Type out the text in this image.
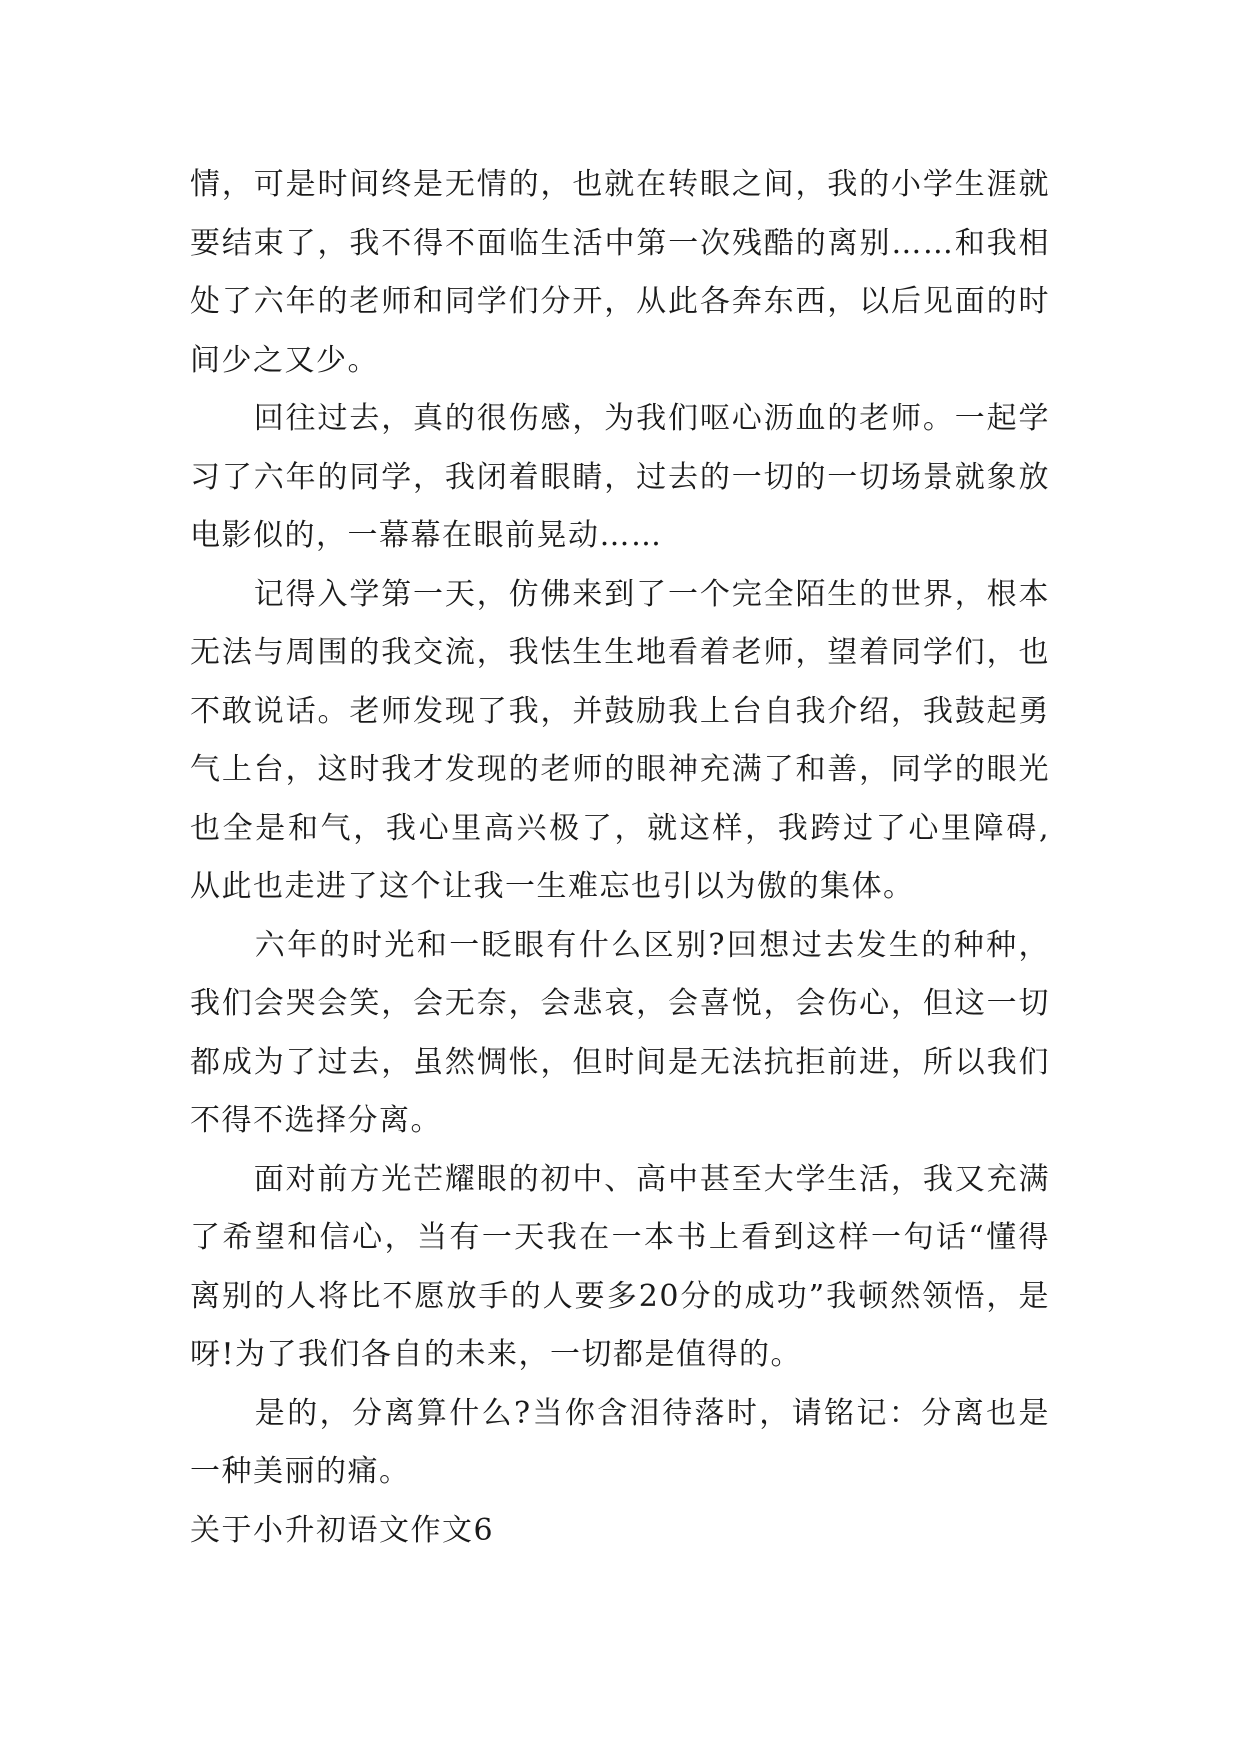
情，可是时间终是无情的，也就在转眼之间，我的小学生涯就要结束了，我不得不面临生活中第一次残酷的离别……和我相处了六年的老师和同学们分开，从此各奔东西，以后见面的时间少之又少。

　　回往过去，真的很伤感，为我们呕心沥血的老师。一起学习了六年的同学，我闭着眼睛，过去的一切的一切场景就象放电影似的，一幕幕在眼前晃动……

　　记得入学第一天，仿佛来到了一个完全陌生的世界，根本无法与周围的我交流，我怯生生地看着老师，望着同学们，也不敢说话。老师发现了我，并鼓励我上台自我介绍，我鼓起勇气上台，这时我才发现的老师的眼神充满了和善，同学的眼光也全是和气，我心里高兴极了，就这样，我跨过了心里障碍,从此也走进了这个让我一生难忘也引以为傲的集体。

　　六年的时光和一眨眼有什么区别?回想过去发生的种种，我们会哭会笑，会无奈，会悲哀，会喜悦，会伤心，但这一切都成为了过去，虽然惆怅，但时间是无法抗拒前进，所以我们不得不选择分离。

　　面对前方光芒耀眼的初中、高中甚至大学生活，我又充满了希望和信心，当有一天我在一本书上看到这样一句话“懂得离别的人将比不愿放手的人要多20分的成功”我顿然领悟，是呀!为了我们各自的未来，一切都是值得的。

　　是的，分离算什么?当你含泪待落时，请铭记：分离也是一种美丽的痛。

关于小升初语文作文6
